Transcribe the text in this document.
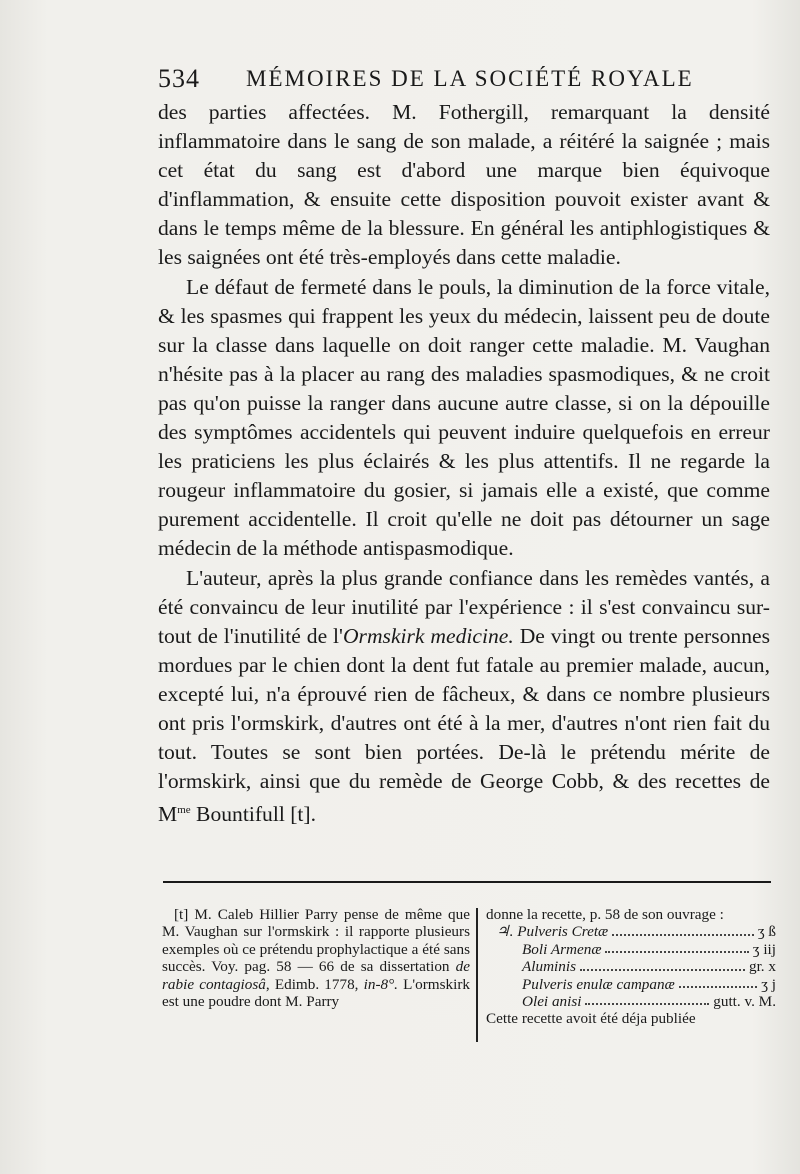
534 MÉMOIRES DE LA SOCIÉTÉ ROYALE

des parties affectées. M. Fothergill, remarquant la densité inflammatoire dans le sang de son malade, a réitéré la saignée ; mais cet état du sang est d'abord une marque bien équivoque d'inflammation, & ensuite cette disposition pouvoit exister avant & dans le temps même de la blessure. En général les antiphlogistiques & les saignées ont été très-employés dans cette maladie.

Le défaut de fermeté dans le pouls, la diminution de la force vitale, & les spasmes qui frappent les yeux du médecin, laissent peu de doute sur la classe dans laquelle on doit ranger cette maladie. M. Vaughan n'hésite pas à la placer au rang des maladies spasmodiques, & ne croit pas qu'on puisse la ranger dans aucune autre classe, si on la dépouille des symptômes accidentels qui peuvent induire quelquefois en erreur les praticiens les plus éclairés & les plus attentifs. Il ne regarde la rougeur inflammatoire du gosier, si jamais elle a existé, que comme purement accidentelle. Il croit qu'elle ne doit pas détourner un sage médecin de la méthode antispasmodique.

L'auteur, après la plus grande confiance dans les remèdes vantés, a été convaincu de leur inutilité par l'expérience : il s'est convaincu sur-tout de l'inutilité de l'Ormskirk medicine. De vingt ou trente personnes mordues par le chien dont la dent fut fatale au premier malade, aucun, excepté lui, n'a éprouvé rien de fâcheux, & dans ce nombre plusieurs ont pris l'ormskirk, d'autres ont été à la mer, d'autres n'ont rien fait du tout. Toutes se sont bien portées. De-là le prétendu mérite de l'ormskirk, ainsi que du remède de George Cobb, & des recettes de $M^{me}$ Bountifull [t].

[t] M. Caleb Hillier Parry pense de même que M. Vaughan sur l'ormskirk : il rapporte plusieurs exemples où ce prétendu prophylactique a été sans succès. Voy. pag. 58 — 66 de sa dissertation de rabie contagiosâ, Edimb. 1778, in-8°. L'ormskirk est une poudre dont M. Parry

donne la recette, p. 58 de son ouvrage :
♃. Pulveris Cretæ	ʒ ß
Boli Armenæ	ʒ iij
Aluminis	gr. x
Pulveris enulæ campanæ	ʒ j
Olei anisi	gutt. v. M.
Cette recette avoit été déja publiée
